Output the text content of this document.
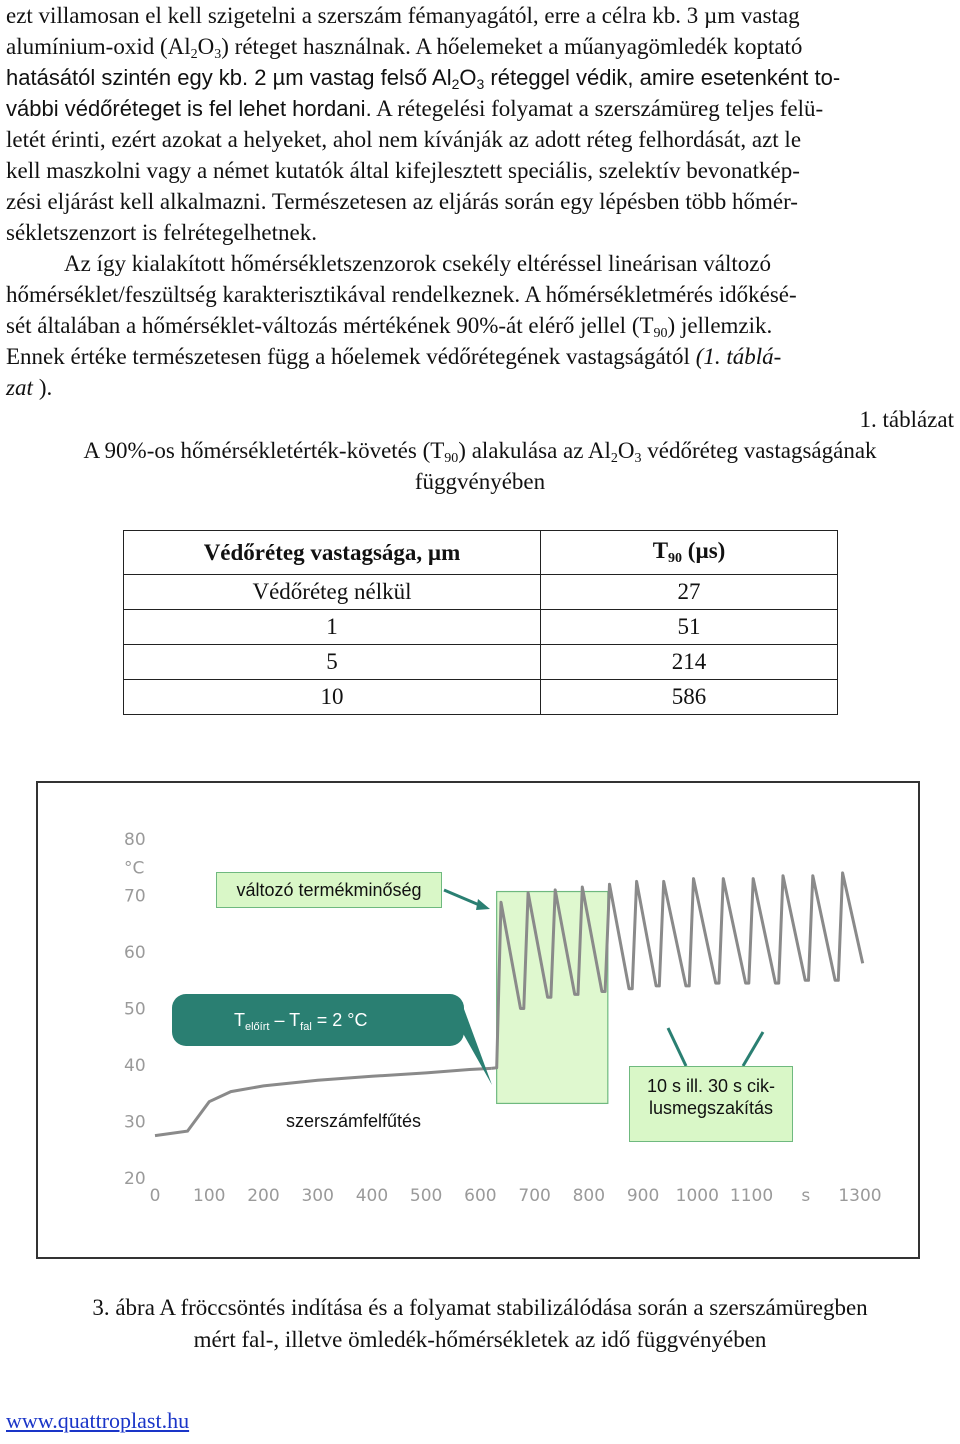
ezt villamosan el kell szigetelni a szerszám fémanyagától, erre a célra kb. 3 µm vastag
alumínium-oxid $(Al_2O_3)$ réteget használnak. A hőelemeket a műanyagömledék koptató
hatásától szintén egy kb. 2 µm vastag felső $Al_2O_3$ réteggel védik, amire esetenként to-
vábbi védőréteget is fel lehet hordani. A rétegelési folyamat a szerszámüreg teljes felü-
letét érinti, ezért azokat a helyeket, ahol nem kívánják az adott réteg felhordását, azt le
kell maszkolni vagy a német kutatók által kifejlesztett speciális, szelektív bevonatkép-
zési eljárást kell alkalmazni. Természetesen az eljárás során egy lépésben több hőmér-
sékletszenzort is felrétegelhetnek.
Az így kialakított hőmérsékletszenzorok csekély eltéréssel lineárisan változó
hőmérséklet/feszültség karakterisztikával rendelkeznek. A hőmérsékletmérés időkésé-
sét általában a hőmérséklet-változás mértékének 90%-át elérő jellel $(T_{90})$ jellemzik.
Ennek értéke természetesen függ a hőelemek védőrétegének vastagságától (1. táblá-
zat ).
1. táblázat
A 90%-os hőmérsékletérték-követés $(T_{90})$ alakulása az $Al_2O_3$ védőréteg vastagságának
függvényében
Védőréteg vastagsága, µm	$T_{90}$ (µs)
Védőréteg nélkül	27
1	51
5	214
10	586
20
30
40
50
60
70
80
°C
0 100 200 300 400 500 600 700 800 900 1000 1100	1300
s
változó termékminőség
$T_{előírt} - T_{fal} = 2$ °C
szerszámfelfűtés
10 s ill. 30 s cik-
lusmegszakítás
3. ábra A fröccsöntés indítása és a folyamat stabilizálódása során a szerszámüregben
mért fal-, illetve ömledék-hőmérsékletek az idő függvényében
www.quattroplast.hu
